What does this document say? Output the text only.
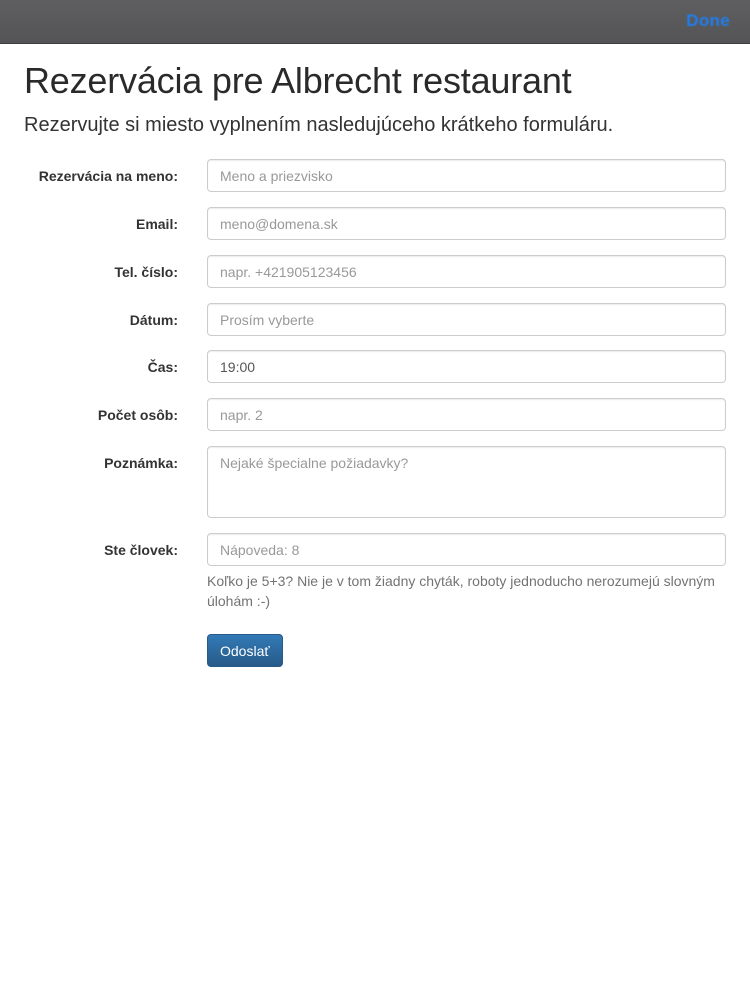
Done
Rezervácia pre Albrecht restaurant

Rezervujte si miesto vyplnením nasledujúceho krátkeho formuláru.

Rezervácia na meno:
Meno a priezvisko
Email:
meno@domena.sk
Tel. číslo:
napr. +421905123456
Dátum:
Prosím vyberte
Čas:
19:00
Počet osôb:
napr. 2
Poznámka:
Nejaké špecialne požiadavky?
Ste človek:
Nápoveda: 8

Koľko je 5+3? Nie je v tom žiadny chyták, roboty jednoducho nerozumejú slovným úlohám :-)

Odoslať
